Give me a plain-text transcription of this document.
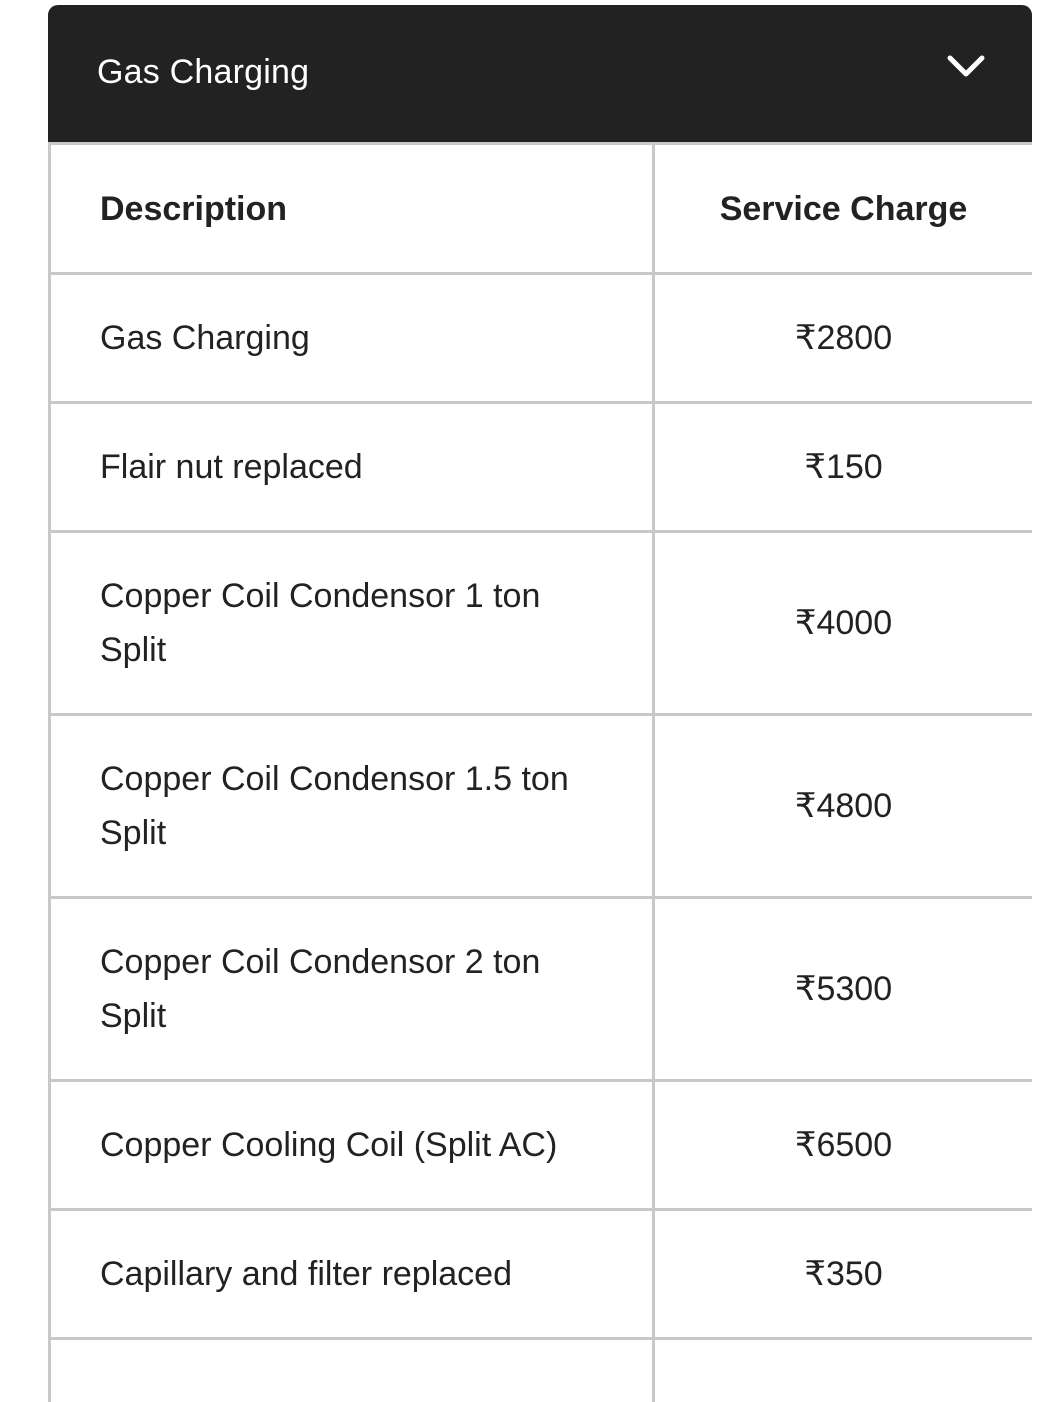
Gas Charging
Description	Service Charge
Gas Charging	₹2800
Flair nut replaced	₹150
Copper Coil Condensor 1 ton Split	₹4000
Copper Coil Condensor 1.5 ton Split	₹4800
Copper Coil Condensor 2 ton Split	₹5300
Copper Cooling Coil (Split AC)	₹6500
Capillary and filter replaced	₹350
